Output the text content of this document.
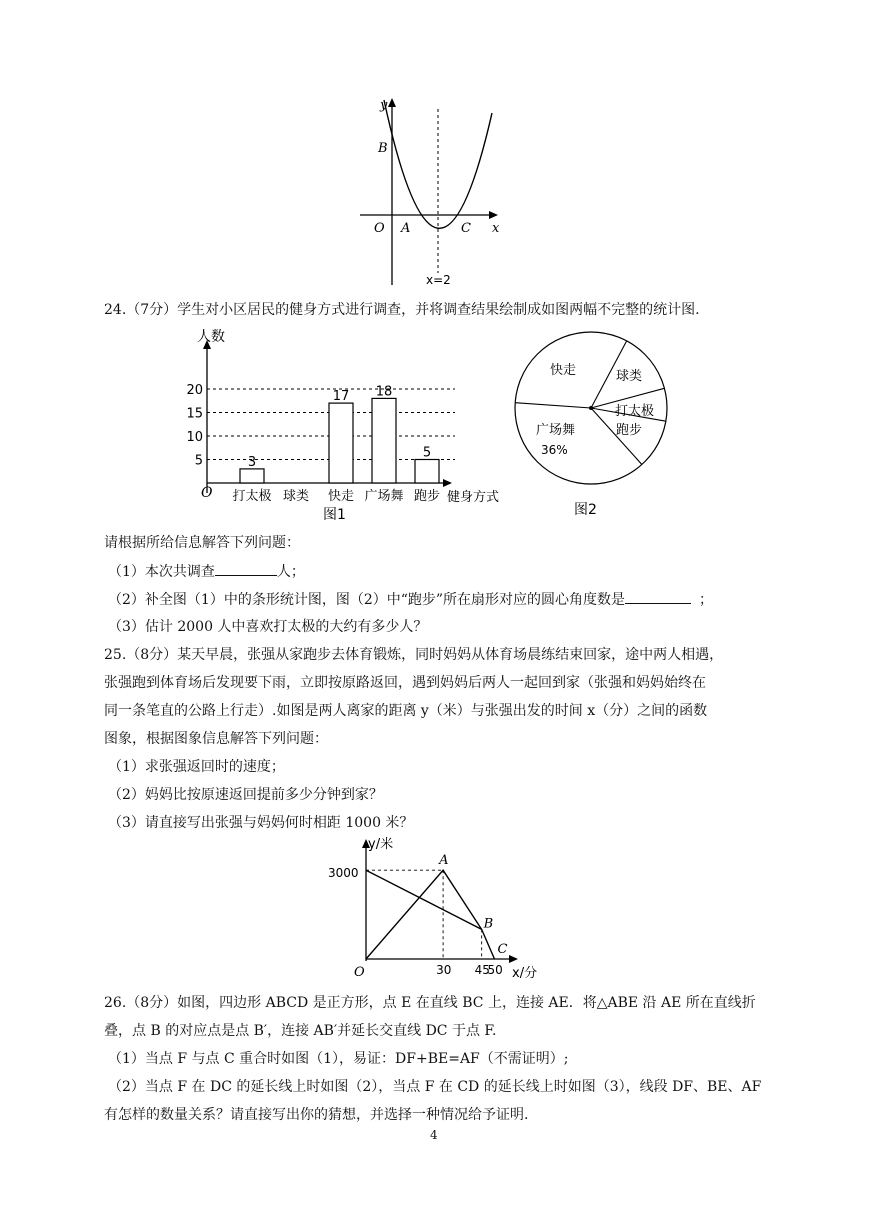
y
x
O
B
A	C
x=2
24.（7分）学生对小区居民的健身方式进行调查，并将调查结果绘制成如图两幅不完整的统计图.
5
10
15
20
3
17 18
5
打太极 球类 快走 广场舞 跑步
人数
健身方式
O
图1
快走	球类
打太极
跑步
广场舞
36%
图2
请根据所给信息解答下列问题：
（1）本次共调查	人；
（2）补全图（1）中的条形统计图，图（2）中“跑步”所在扇形对应的圆心角度数是	；
（3）估计 2000 人中喜欢打太极的大约有多少人？
25.（8分）某天早晨，张强从家跑步去体育锻炼，同时妈妈从体育场晨练结束回家，途中两人相遇，
张强跑到体育场后发现要下雨，立即按原路返回，遇到妈妈后两人一起回到家（张强和妈妈始终在
同一条笔直的公路上行走）.如图是两人离家的距离 y（米）与张强出发的时间 x（分）之间的函数
图象，根据图象信息解答下列问题：
（1）求张强返回时的速度；
（2）妈妈比按原速返回提前多少分钟到家？
（3）请直接写出张强与妈妈何时相距 1000 米？
y/米
x/分
O
3000
30 45
50
A
B
C
26.（8分）如图，四边形 ABCD 是正方形，点 E 在直线 BC 上，连接 AE．将△ABE 沿 AE 所在直线折
叠，点 B 的对应点是点 B′，连接 AB′并延长交直线 DC 于点 F.
（1）当点 F 与点 C 重合时如图（1），易证：DF+BE=AF（不需证明）;
（2）当点 F 在 DC 的延长线上时如图（2），当点 F 在 CD 的延长线上时如图（3），线段 DF、BE、AF
有怎样的数量关系？请直接写出你的猜想，并选择一种情况给予证明.
4
